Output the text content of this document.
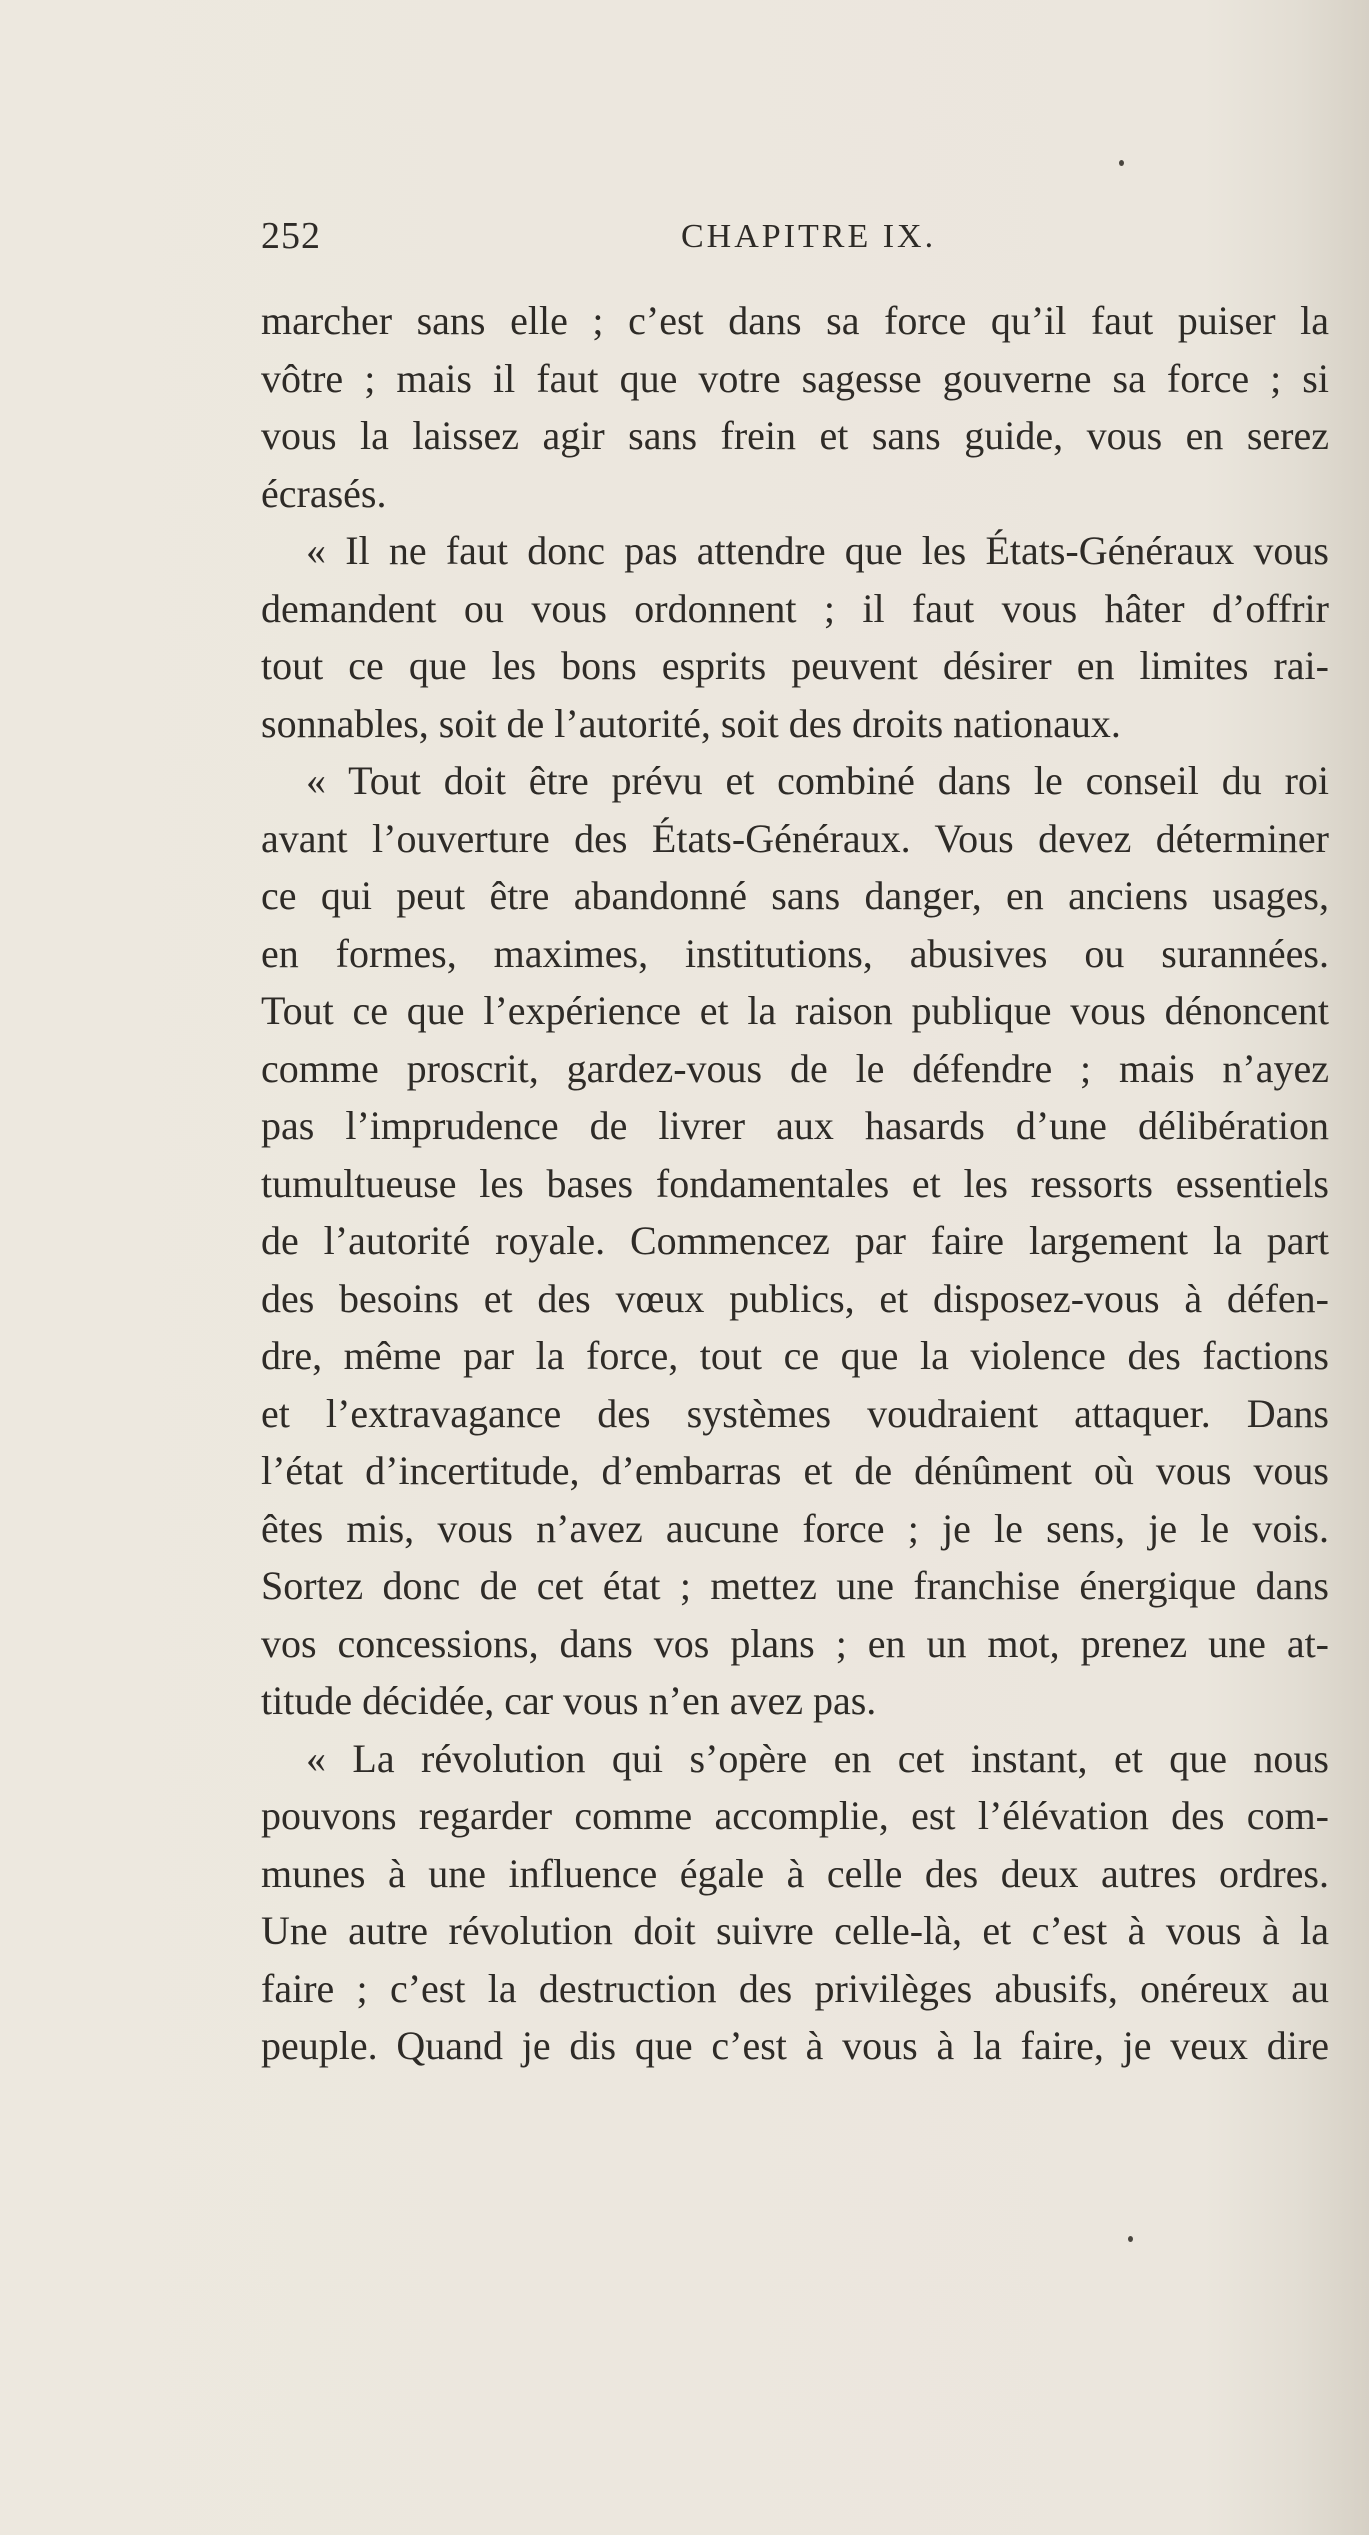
252	CHAPITRE IX.
marcher sans elle ; c’est dans sa force qu’il faut puiser la
vôtre ; mais il faut que votre sagesse gouverne sa force ; si
vous la laissez agir sans frein et sans guide, vous en serez
écrasés.
« Il ne faut donc pas attendre que les États-Généraux vous
demandent ou vous ordonnent ; il faut vous hâter d’offrir
tout ce que les bons esprits peuvent désirer en limites rai-
sonnables, soit de l’autorité, soit des droits nationaux.
« Tout doit être prévu et combiné dans le conseil du roi
avant l’ouverture des États-Généraux. Vous devez déterminer
ce qui peut être abandonné sans danger, en anciens usages,
en formes, maximes, institutions, abusives ou surannées.
Tout ce que l’expérience et la raison publique vous dénoncent
comme proscrit, gardez-vous de le défendre ; mais n’ayez
pas l’imprudence de livrer aux hasards d’une délibération
tumultueuse les bases fondamentales et les ressorts essentiels
de l’autorité royale. Commencez par faire largement la part
des besoins et des vœux publics, et disposez-vous à défen-
dre, même par la force, tout ce que la violence des factions
et l’extravagance des systèmes voudraient attaquer. Dans
l’état d’incertitude, d’embarras et de dénûment où vous vous
êtes mis, vous n’avez aucune force ; je le sens, je le vois.
Sortez donc de cet état ; mettez une franchise énergique dans
vos concessions, dans vos plans ; en un mot, prenez une at-
titude décidée, car vous n’en avez pas.
« La révolution qui s’opère en cet instant, et que nous
pouvons regarder comme accomplie, est l’élévation des com-
munes à une influence égale à celle des deux autres ordres.
Une autre révolution doit suivre celle-là, et c’est à vous à la
faire ; c’est la destruction des privilèges abusifs, onéreux au
peuple. Quand je dis que c’est à vous à la faire, je veux dire
